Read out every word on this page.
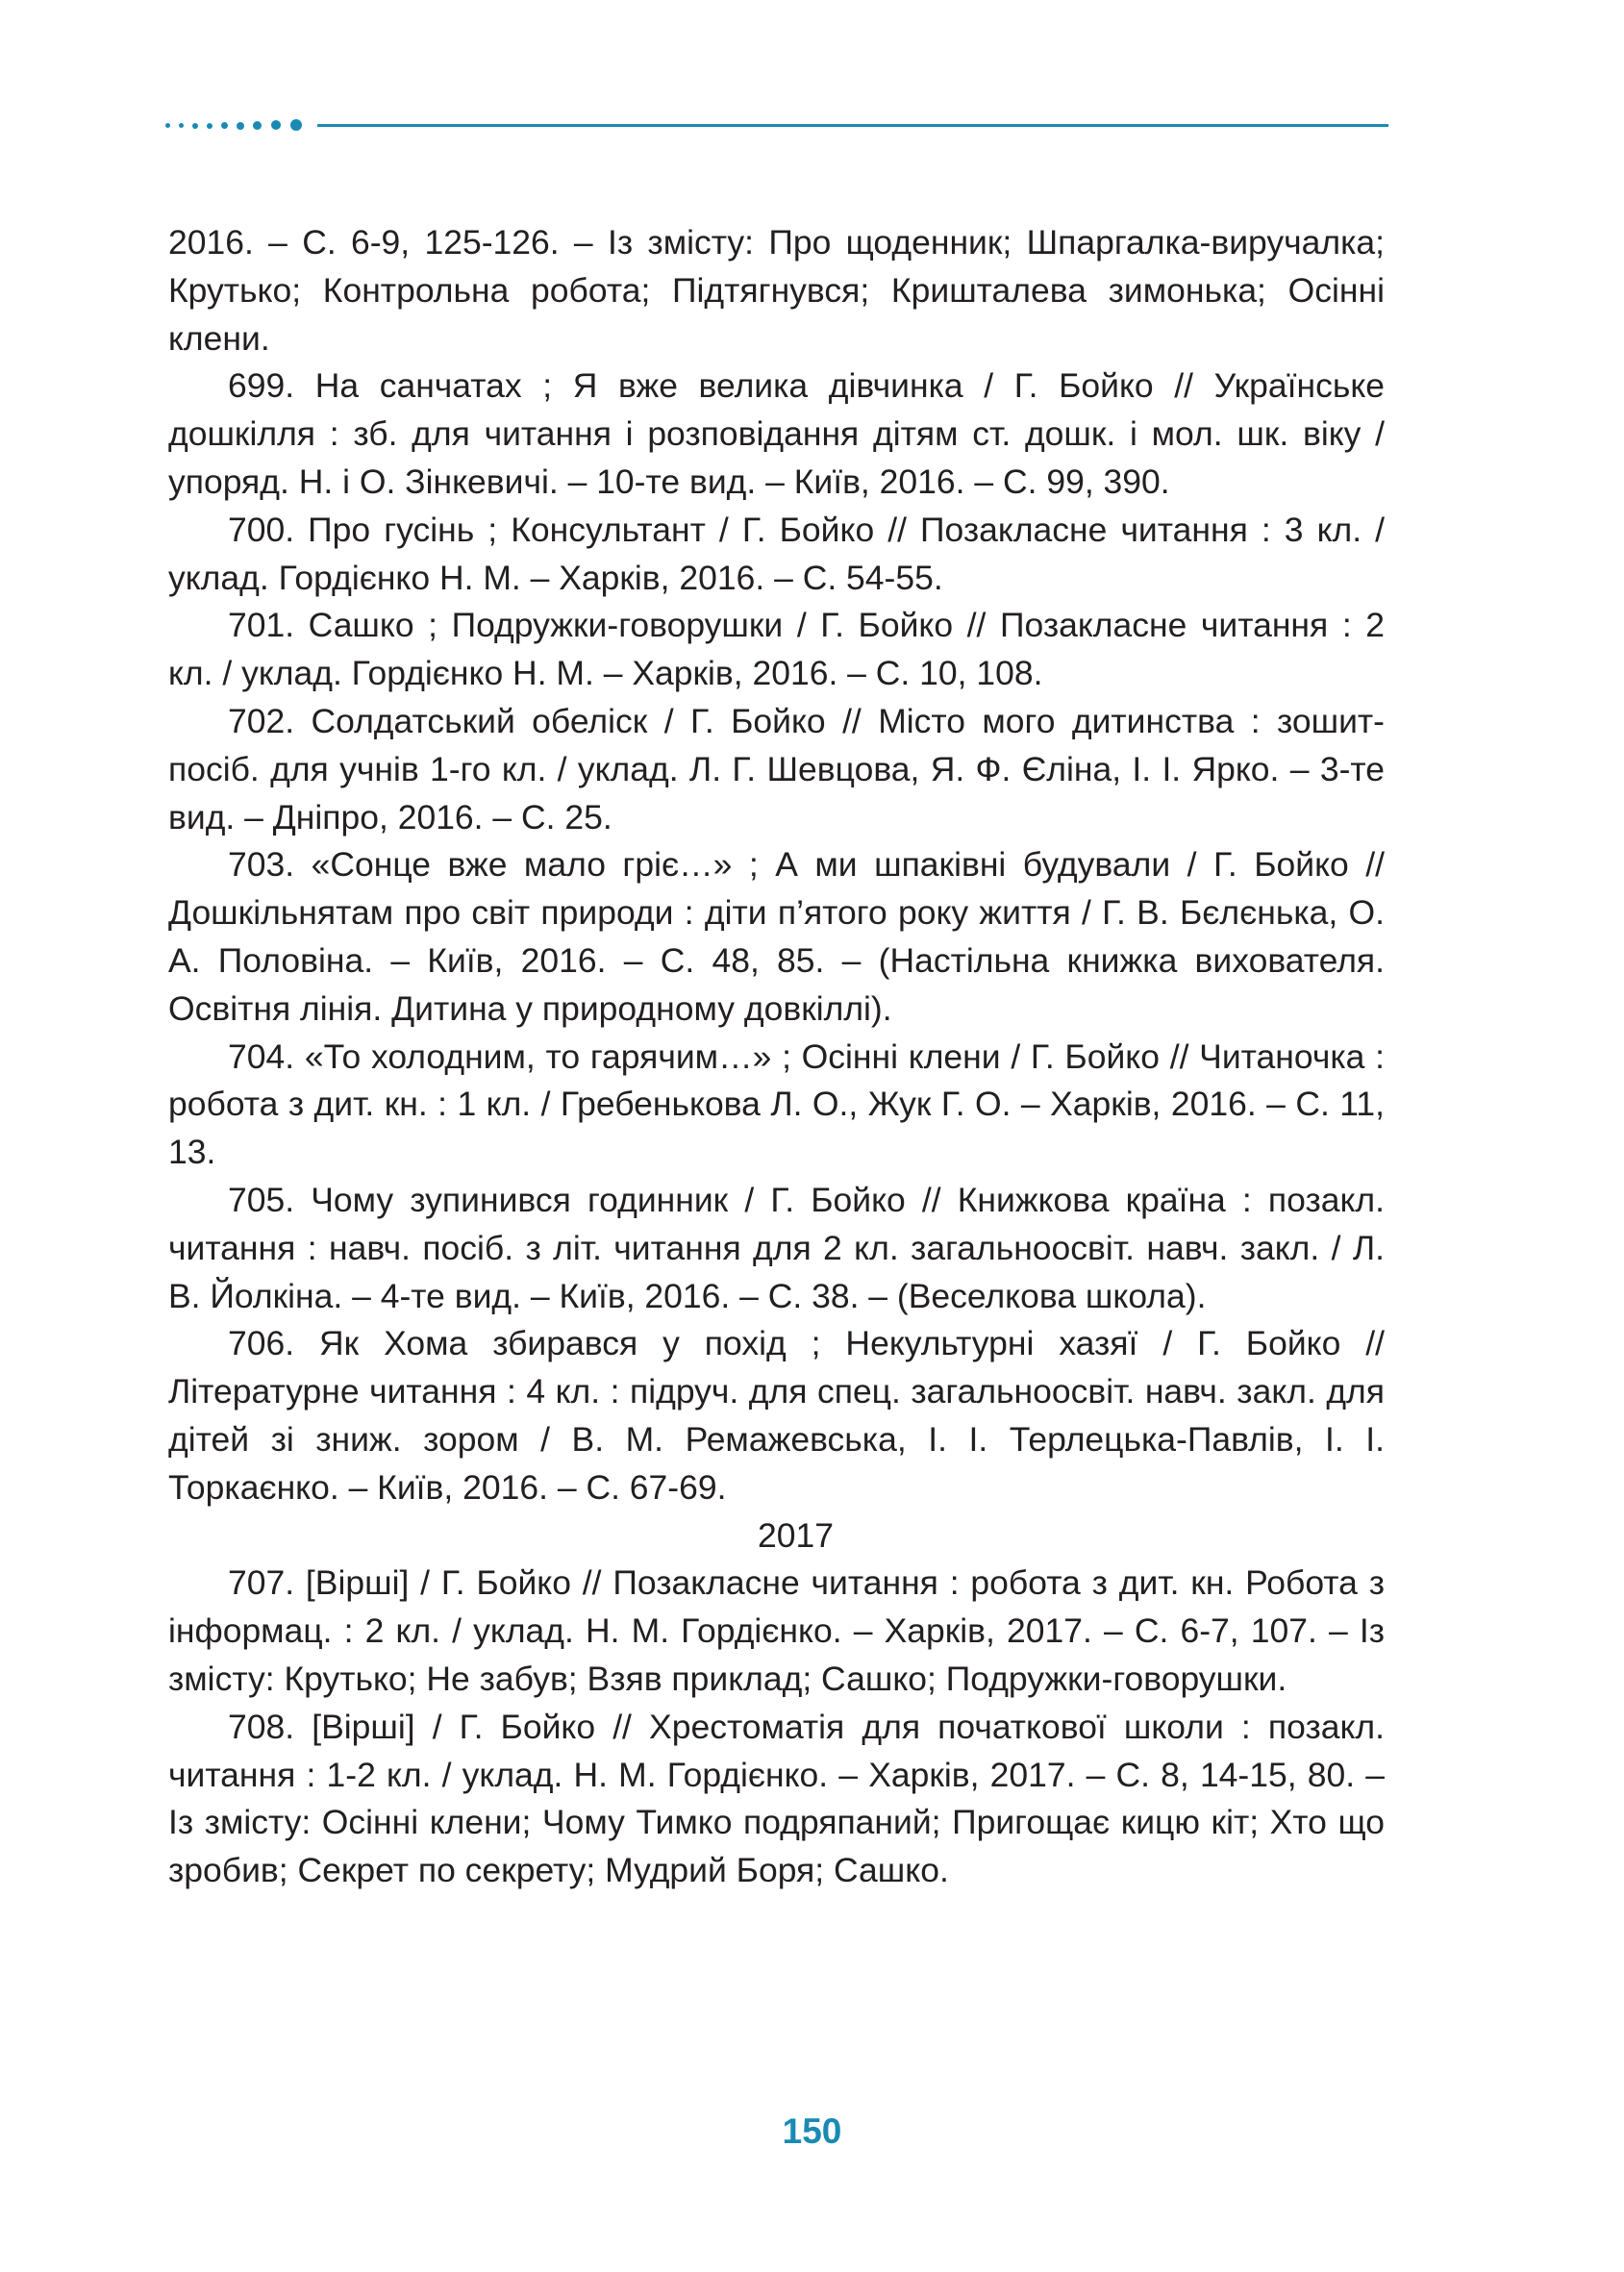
2016. – С. 6-9, 125-126. – Із змісту: Про щоденник; Шпаргалка-виручалка; Крутько; Контрольна робота; Підтягнувся; Кришталева зимонька; Осінні клени.

699. На санчатах ; Я вже велика дівчинка / Г. Бойко // Українське дошкілля : зб. для читання і розповідання дітям ст. дошк. і мол. шк. віку / упоряд. Н. і О. Зінкевичі. – 10-те вид. – Київ, 2016. – С. 99, 390.

700. Про гусінь ; Консультант / Г. Бойко // Позакласне читання : 3 кл. / уклад. Гордієнко Н. М. – Харків, 2016. – С. 54-55.

701. Сашко ; Подружки-говорушки / Г. Бойко // Позакласне читання : 2 кл. / уклад. Гордієнко Н. М. – Харків, 2016. – С. 10, 108.

702. Солдатський обеліск / Г. Бойко // Місто мого дитинства : зошит-посіб. для учнів 1-го кл. / уклад. Л. Г. Шевцова, Я. Ф. Єліна, І. І. Ярко. – 3-те вид. – Дніпро, 2016. – С. 25.

703. «Сонце вже мало гріє…» ; А ми шпаківні будували / Г. Бойко // Дошкільнятам про світ природи : діти п’ятого року життя / Г. В. Бєлєнька, О. А. Половіна. – Київ, 2016. – С. 48, 85. – (Настільна книжка вихователя. Освітня лінія. Дитина у природному довкіллі).

704. «То холодним, то гарячим…» ; Осінні клени / Г. Бойко // Читаночка : робота з дит. кн. : 1 кл. / Гребенькова Л. О., Жук Г. О. – Харків, 2016. – С. 11, 13.

705. Чому зупинився годинник / Г. Бойко // Книжкова країна : позакл. читання : навч. посіб. з літ. читання для 2 кл. загальноосвіт. навч. закл. / Л. В. Йолкіна. – 4-те вид. – Київ, 2016. – С. 38. – (Веселкова школа).

706. Як Хома збирався у похід ; Некультурні хазяї / Г. Бойко // Літературне читання : 4 кл. : підруч. для спец. загальноосвіт. навч. закл. для дітей зі зниж. зором / В. М. Ремажевська, І. І. Терлецька-Павлів, І. І. Торкаєнко. – Київ, 2016. – С. 67-69.

2017

707. [Вірші] / Г. Бойко // Позакласне читання : робота з дит. кн. Робота з інформац. : 2 кл. / уклад. Н. М. Гордієнко. – Харків, 2017. – С. 6-7, 107. – Із змісту: Крутько; Не забув; Взяв приклад; Сашко; Подружки-говорушки.

708. [Вірші] / Г. Бойко // Хрестоматія для початкової школи : позакл. читання : 1-2 кл. / уклад. Н. М. Гордієнко. – Харків, 2017. – С. 8, 14-15, 80. – Із змісту: Осінні клени; Чому Тимко подряпаний; Пригощає кицю кіт; Хто що зробив; Секрет по секрету; Мудрий Боря; Сашко.

150
